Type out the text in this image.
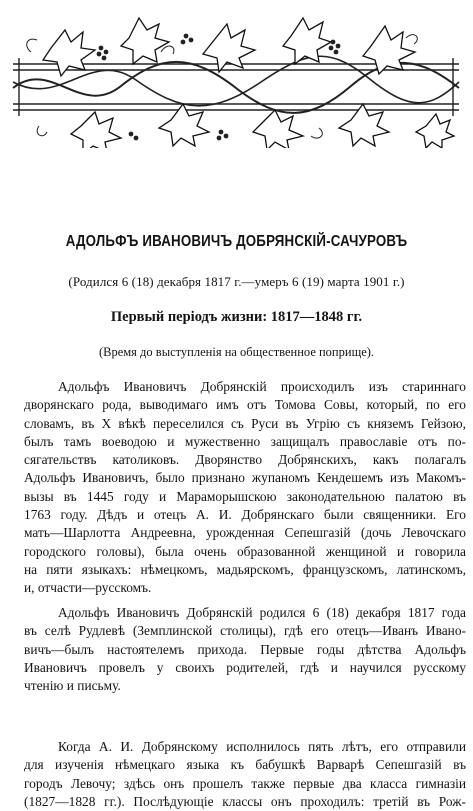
АДОЛЬФЪ ИВАНОВИЧЪ ДОБРЯНСКІЙ-САЧУРОВЪ
(Родился 6 (18) декабря 1817 г.—умеръ 6 (19) марта 1901 г.)
Первый періодъ жизни: 1817—1848 гг.
(Время до выступленія на общественное поприще).
Адольфъ Ивановичъ Добрянскій происходилъ изъ стариннаго
дворянскаго рода, выводимаго имъ отъ Томова Совы, который, по его
словамъ, въ X вѣкѣ переселился съ Руси въ Угрію съ княземъ Гейзою,
былъ тамъ воеводою и мужественно защищалъ православіе отъ по-
сягательствъ католиковъ. Дворянство Добрянскихъ, какъ полагалъ
Адольфъ Ивановичъ, было признано жупаномъ Кендешемъ изъ Макомъ-
вызы въ 1445 году и Мараморышскою законодательною палатою въ
1763 году. Дѣдъ и отецъ А. И. Добрянскаго были священники. Его
мать—Шарлотта Андреевна, урожденная Сепешгазій (дочь Левочскаго
городского головы), была очень образованной женщиной и говорила
на пяти языкахъ: нѣмецкомъ, мадьярскомъ, французскомъ, латинскомъ,
и, отчасти—русскомъ.
Адольфъ Ивановичъ Добрянскій родился 6 (18) декабря 1817 года
въ селѣ Рудлевѣ (Земплинской столицы), гдѣ его отецъ—Иванъ Ивано-
вичъ—былъ настоятелемъ прихода. Первые годы дѣтства Адольфъ
Ивановичъ провелъ у своихъ родителей, гдѣ и научился русскому
чтенію и письму.
Когда А. И. Добрянскому исполнилось пять лѣтъ, его отправили
для изученія нѣмецкаго языка къ бабушкѣ Варварѣ Сепешгазій въ
городъ Левочу; здѣсь онъ прошелъ также первые два класса гимназіи
(1827—1828 гг.). Послѣдующіе классы онъ проходилъ: третій въ Рож-
